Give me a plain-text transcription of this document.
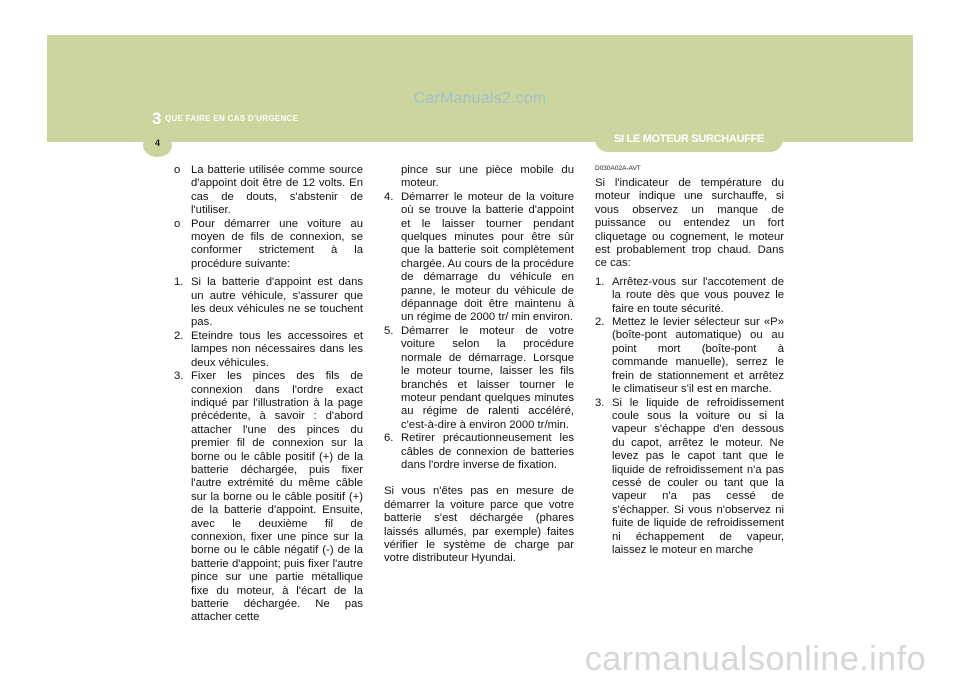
CarManuals2.com
3 QUE FAIRE EN CAS D'URGENCE
4	SI LE MOTEUR SURCHAUFFE
o La batterie utilisée comme source d'appoint doit être de 12 volts. En cas de douts, s'abstenir de l'utiliser.

o Pour démarrer une voiture au moyen de fils de connexion, se conformer strictement à la procédure suivante:

1. Si la batterie d'appoint est dans un autre véhicule, s'assurer que les deux véhicules ne se touchent pas.

2. Eteindre tous les accessoires et lampes non nécessaires dans les deux véhicules.

3. Fixer les pinces des fils de connexion dans l'ordre exact indiqué par l'illustration à la page précédente, à savoir : d'abord attacher l'une des pinces du premier fil de connexion sur la borne ou le câble positif (+) de la batterie déchargée, puis fixer l'autre extrémité du même câble sur la borne ou le câble positif (+) de la batterie d'appoint. Ensuite, avec le deuxième fil de connexion, fixer une pince sur la borne ou le câble négatif (-) de la batterie d'appoint; puis fixer l'autre pince sur une partie métallique fixe du moteur, à l'écart de la batterie déchargée. Ne pas attacher cette

pince sur une pièce mobile du moteur.

4. Démarrer le moteur de la voiture où se trouve la batterie d'appoint et le laisser tourner pendant quelques minutes pour être sûr que la batterie soit complètement chargée. Au cours de la procédure de démarrage du véhicule en panne, le moteur du véhicule de dépannage doit être maintenu à un régime de 2000 tr/ min environ.

5. Démarrer le moteur de votre voiture selon la procédure normale de démarrage. Lorsque le moteur tourne, laisser les fils branchés et laisser tourner le moteur pendant quelques minutes au régime de ralenti accéléré, c'est-à-dire à environ 2000 tr/min.

6. Retirer précautionneusement les câbles de connexion de batteries dans l'ordre inverse de fixation.

Si vous n'êtes pas en mesure de démarrer la voiture parce que votre batterie s'est déchargée (phares laissés allumés, par exemple) faites vérifier le système de charge par votre distributeur Hyundai.

D030A02A-AVT

Si l'indicateur de température du moteur indique une surchauffe, si vous observez un manque de puissance ou entendez un fort cliquetage ou cognement, le moteur est probablement trop chaud. Dans ce cas:

1. Arrêtez-vous sur l'accotement de la route dès que vous pouvez le faire en toute sécurité.

2. Mettez le levier sélecteur sur «P» (boîte-pont automatique) ou au point mort (boîte-pont à commande manuelle), serrez le frein de stationnement et arrêtez le climatiseur s'il est en marche.

3. Si le liquide de refroidissement coule sous la voiture ou si la vapeur s'échappe d'en dessous du capot, arrêtez le moteur. Ne levez pas le capot tant que le liquide de refroidissement n'a pas cessé de couler ou tant que la vapeur n'a pas cessé de s'échapper. Si vous n'observez ni fuite de liquide de refroidissement ni échappement de vapeur, laissez le moteur en marche

carmanualsonline.info
